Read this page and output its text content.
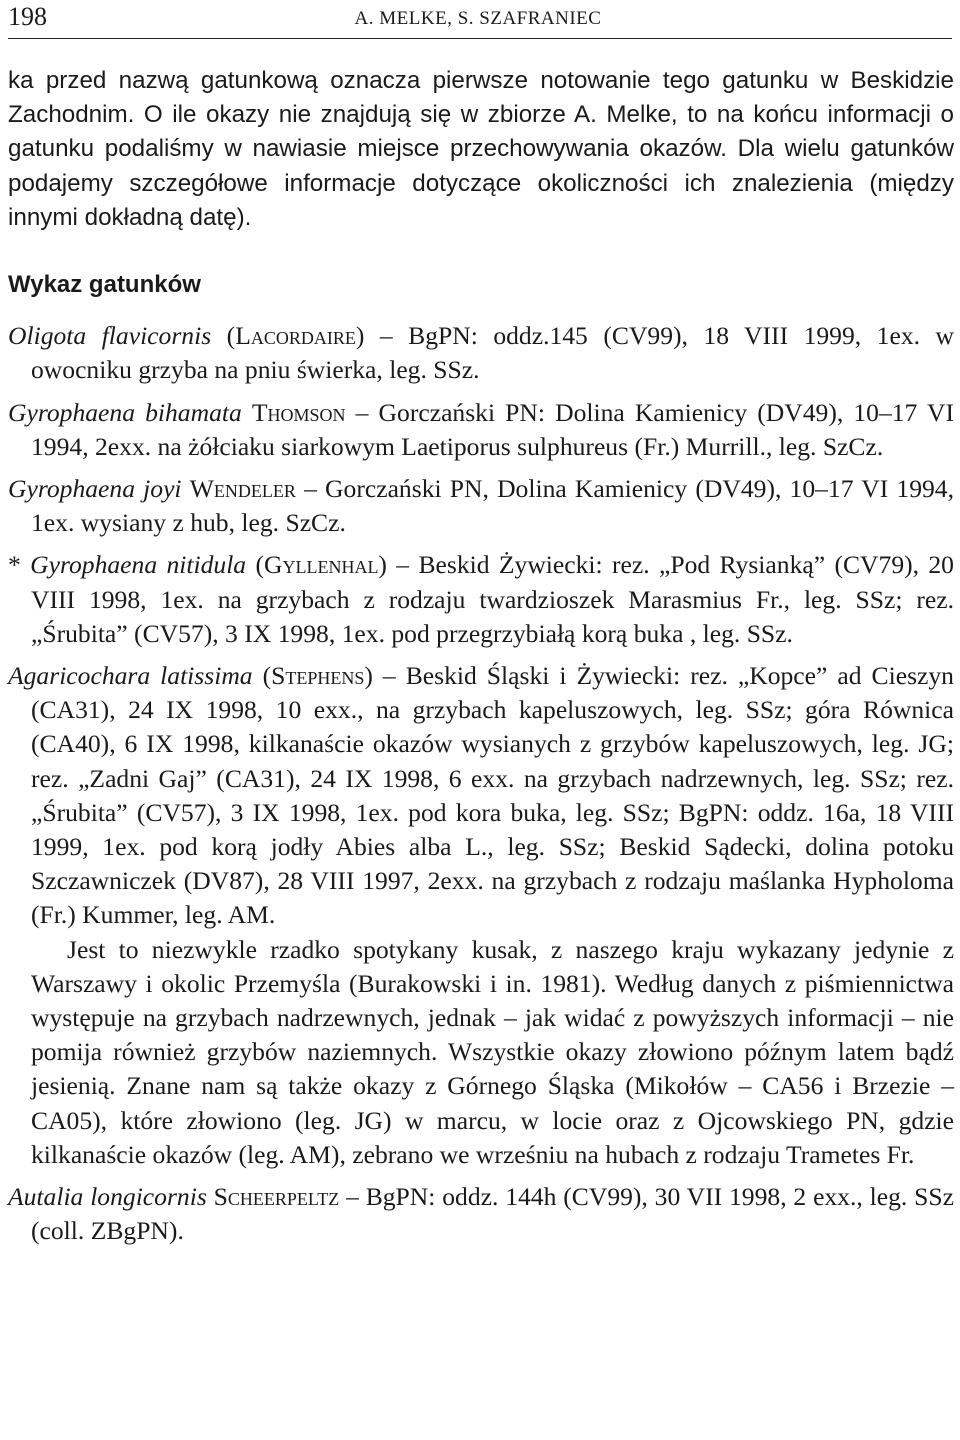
198	A. MELKE, S. SZAFRANIEC

ka przed nazwą gatunkową oznacza pierwsze notowanie tego gatunku w Beskidzie Zachodnim. O ile okazy nie znajdują się w zbiorze A. Melke, to na końcu informacji o gatunku podaliśmy w nawiasie miejsce przechowywania okazów. Dla wielu gatunków podajemy szczegółowe informacje dotyczące okoliczności ich znalezienia (między innymi dokładną datę).

Wykaz gatunków

Oligota flavicornis (Lacordaire) – BgPN: oddz.145 (CV99), 18 VIII 1999, 1ex. w owocniku grzyba na pniu świerka, leg. SSz.

Gyrophaena bihamata Thomson – Gorczański PN: Dolina Kamienicy (DV49), 10–17 VI 1994, 2exx. na żółciaku siarkowym Laetiporus sulphureus (Fr.) Murrill., leg. SzCz.

Gyrophaena joyi Wendeler – Gorczański PN, Dolina Kamienicy (DV49), 10–17 VI 1994, 1ex. wysiany z hub, leg. SzCz.

* Gyrophaena nitidula (Gyllenhal) – Beskid Żywiecki: rez. „Pod Rysianką” (CV79), 20 VIII 1998, 1ex. na grzybach z rodzaju twardzioszek Marasmius Fr., leg. SSz; rez. „Śrubita” (CV57), 3 IX 1998, 1ex. pod przegrzybiałą korą buka , leg. SSz.

Agaricochara latissima (Stephens) – Beskid Śląski i Żywiecki: rez. „Kopce” ad Cieszyn (CA31), 24 IX 1998, 10 exx., na grzybach kapeluszowych, leg. SSz; góra Równica (CA40), 6 IX 1998, kilkanaście okazów wysianych z grzybów kapeluszowych, leg. JG; rez. „Zadni Gaj” (CA31), 24 IX 1998, 6 exx. na grzybach nadrzewnych, leg. SSz; rez. „Śrubita” (CV57), 3 IX 1998, 1ex. pod kora buka, leg. SSz; BgPN: oddz. 16a, 18 VIII 1999, 1ex. pod korą jodły Abies alba L., leg. SSz; Beskid Sądecki, dolina potoku Szczawniczek (DV87), 28 VIII 1997, 2exx. na grzybach z rodzaju maślanka Hypholoma (Fr.) Kummer, leg. AM.

Jest to niezwykle rzadko spotykany kusak, z naszego kraju wykazany jedynie z Warszawy i okolic Przemyśla (Burakowski i in. 1981). Według danych z piśmiennictwa występuje na grzybach nadrzewnych, jednak – jak widać z powyższych informacji – nie pomija również grzybów naziemnych. Wszystkie okazy złowiono późnym latem bądź jesienią. Znane nam są także okazy z Górnego Śląska (Mikołów – CA56 i Brzezie – CA05), które złowiono (leg. JG) w marcu, w locie oraz z Ojcowskiego PN, gdzie kilkanaście okazów (leg. AM), zebrano we wrześniu na hubach z rodzaju Trametes Fr.

Autalia longicornis Scheerpeltz – BgPN: oddz. 144h (CV99), 30 VII 1998, 2 exx., leg. SSz (coll. ZBgPN).
